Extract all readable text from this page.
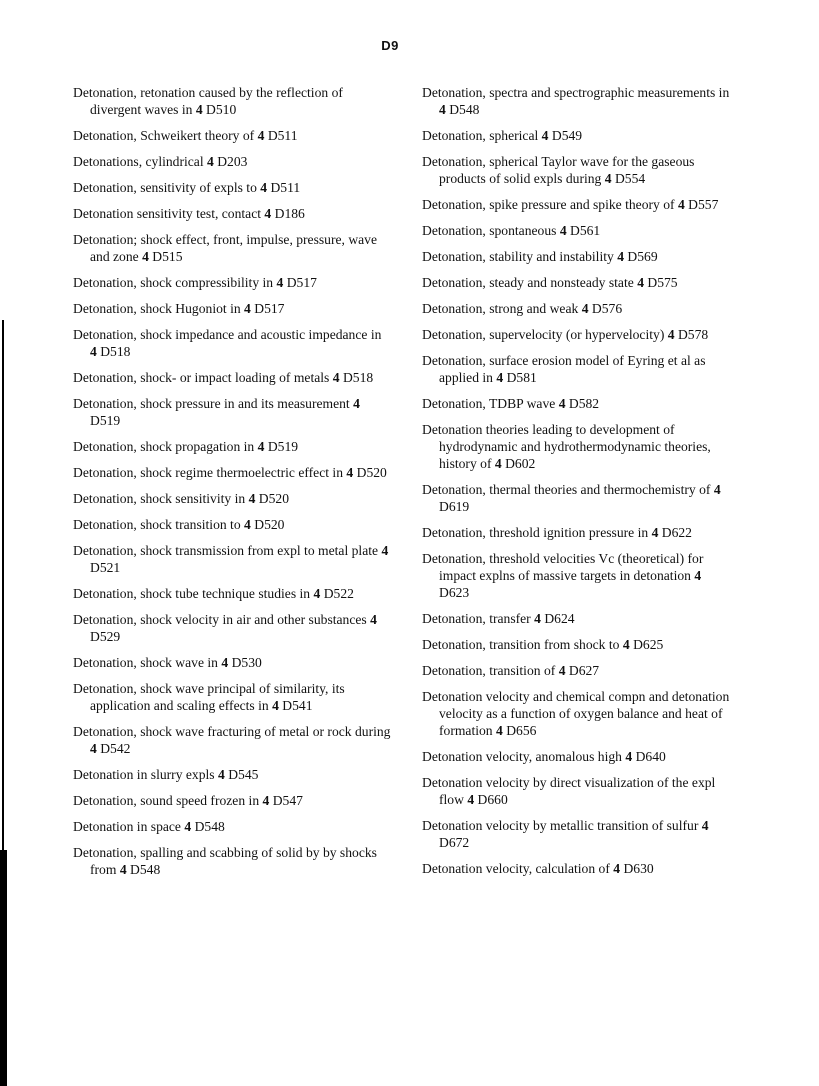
D9
Detonation, retonation caused by the reflection of divergent waves in 4 D510
Detonation, Schweikert theory of 4 D511
Detonations, cylindrical 4 D203
Detonation, sensitivity of expls to 4 D511
Detonation sensitivity test, contact 4 D186
Detonation; shock effect, front, impulse, pressure, wave and zone 4 D515
Detonation, shock compressibility in 4 D517
Detonation, shock Hugoniot in 4 D517
Detonation, shock impedance and acoustic impedance in 4 D518
Detonation, shock- or impact loading of metals 4 D518
Detonation, shock pressure in and its measurement 4 D519
Detonation, shock propagation in 4 D519
Detonation, shock regime thermoelectric effect in 4 D520
Detonation, shock sensitivity in 4 D520
Detonation, shock transition to 4 D520
Detonation, shock transmission from expl to metal plate 4 D521
Detonation, shock tube technique studies in 4 D522
Detonation, shock velocity in air and other substances 4 D529
Detonation, shock wave in 4 D530
Detonation, shock wave principal of similarity, its application and scaling effects in 4 D541
Detonation, shock wave fracturing of metal or rock during 4 D542
Detonation in slurry expls 4 D545
Detonation, sound speed frozen in 4 D547
Detonation in space 4 D548
Detonation, spalling and scabbing of solid by by shocks from 4 D548
Detonation, spectra and spectrographic measurements in 4 D548
Detonation, spherical 4 D549
Detonation, spherical Taylor wave for the gaseous products of solid expls during 4 D554
Detonation, spike pressure and spike theory of 4 D557
Detonation, spontaneous 4 D561
Detonation, stability and instability 4 D569
Detonation, steady and nonsteady state 4 D575
Detonation, strong and weak 4 D576
Detonation, supervelocity (or hypervelocity) 4 D578
Detonation, surface erosion model of Eyring et al as applied in 4 D581
Detonation, TDBP wave 4 D582
Detonation theories leading to development of hydrodynamic and hydrothermodynamic theories, history of 4 D602
Detonation, thermal theories and thermochemistry of 4 D619
Detonation, threshold ignition pressure in 4 D622
Detonation, threshold velocities Vc (theoretical) for impact explns of massive targets in detonation 4 D623
Detonation, transfer 4 D624
Detonation, transition from shock to 4 D625
Detonation, transition of 4 D627
Detonation velocity and chemical compn and detonation velocity as a function of oxygen balance and heat of formation 4 D656
Detonation velocity, anomalous high 4 D640
Detonation velocity by direct visualization of the expl flow 4 D660
Detonation velocity by metallic transition of sulfur 4 D672
Detonation velocity, calculation of 4 D630
